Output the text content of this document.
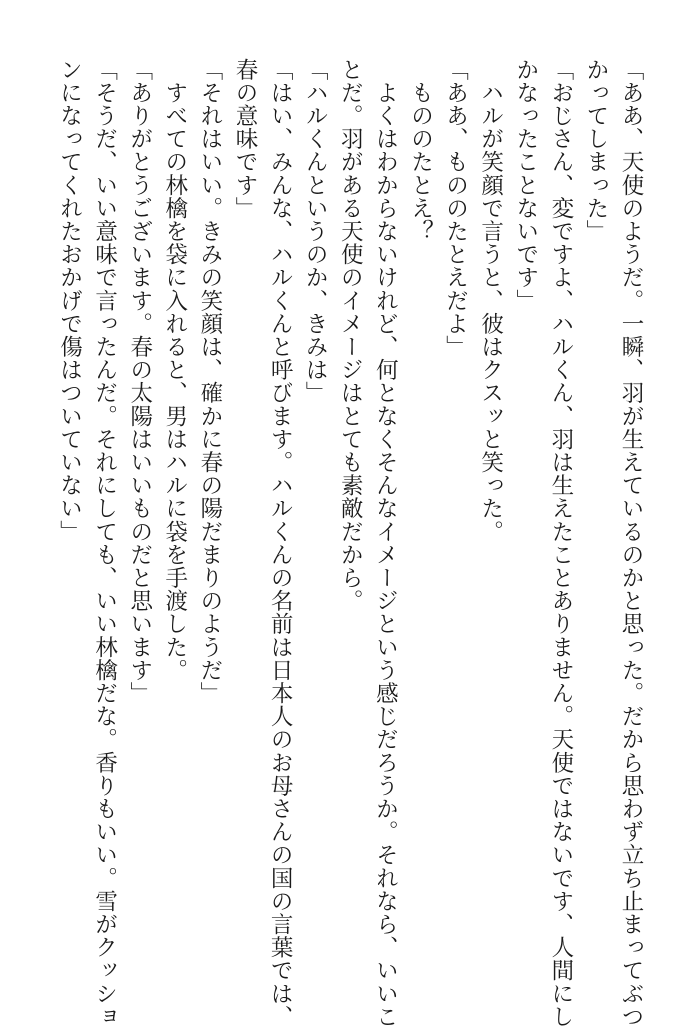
「ああ、天使のようだ。一瞬、羽が生えているのかと思った。だから思わず立ち止まってぶつ
かってしまった」
「おじさん、変ですよ、ハルくん、羽は生えたことありません。天使ではないです、人間にし
かなったことないです」
　ハルが笑顔で言うと、彼はクスッと笑った。
「ああ、もののたとえだよ」
　もののたとえ？
　よくはわからないけれど、何となくそんなイメージという感じだろうか。それなら、いいこ
とだ。羽がある天使のイメージはとても素敵だから。
「ハルくんというのか、きみは」
「はい、みんな、ハルくんと呼びます。ハルくんの名前は日本人のお母さんの国の言葉では、
春の意味です」
「それはいい。きみの笑顔は、確かに春の陽だまりのようだ」
　すべての林檎を袋に入れると、男はハルに袋を手渡した。
「ありがとうございます。春の太陽はいいものだと思います」
「そうだ、いい意味で言ったんだ。それにしても、いい林檎だな。香りもいい。雪がクッショ
ンになってくれたおかげで傷はついていない」
